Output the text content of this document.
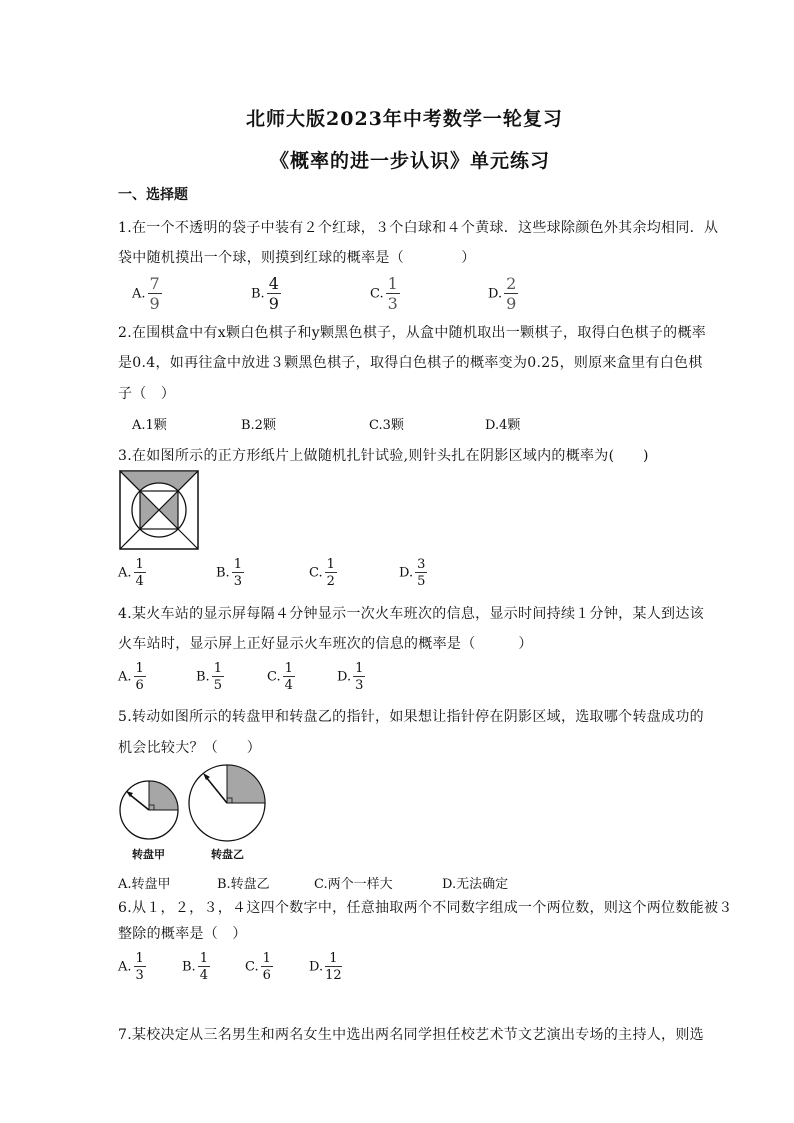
北师大版2023年中考数学一轮复习
《概率的进一步认识》单元练习
一、选择题
1.在一个不透明的袋子中装有２个红球，３个白球和４个黄球．这些球除颜色外其余均相同．从
袋中随机摸出一个球，则摸到红球的概率是（　　　　）
A. $\frac{7}{9}$	B. $\frac{4}{9}$	C. $\frac{1}{3}$	D. $\frac{2}{9}$
2.在围棋盒中有x颗白色棋子和y颗黑色棋子，从盒中随机取出一颗棋子，取得白色棋子的概率
是0.4，如再往盒中放进３颗黑色棋子，取得白色棋子的概率变为0.25，则原来盒里有白色棋
子（　）
A.1颗	B.2颗	C.3颗	D.4颗
3.在如图所示的正方形纸片上做随机扎针试验,则针头扎在阴影区域内的概率为(　　)
A. $\frac{1}{4}$	B. $\frac{1}{3}$	C. $\frac{1}{2}$	D. $\frac{3}{5}$
4.某火车站的显示屏每隔４分钟显示一次火车班次的信息，显示时间持续１分钟，某人到达该
火车站时，显示屏上正好显示火车班次的信息的概率是（　　　）
A. $\frac{1}{6}$	B. $\frac{1}{5}$	C. $\frac{1}{4}$	D. $\frac{1}{3}$
5.转动如图所示的转盘甲和转盘乙的指针，如果想让指针停在阴影区域，选取哪个转盘成功的
机会比较大？（　　）
转盘甲	转盘乙
A.转盘甲	B.转盘乙	C.两个一样大	D.无法确定
6.从１，２，３，４这四个数字中，任意抽取两个不同数字组成一个两位数，则这个两位数能被３
整除的概率是（　）
A. $\frac{1}{3}$	B. $\frac{1}{4}$	C. $\frac{1}{6}$	D. $\frac{1}{12}$
7.某校决定从三名男生和两名女生中选出两名同学担任校艺术节文艺演出专场的主持人，则选
